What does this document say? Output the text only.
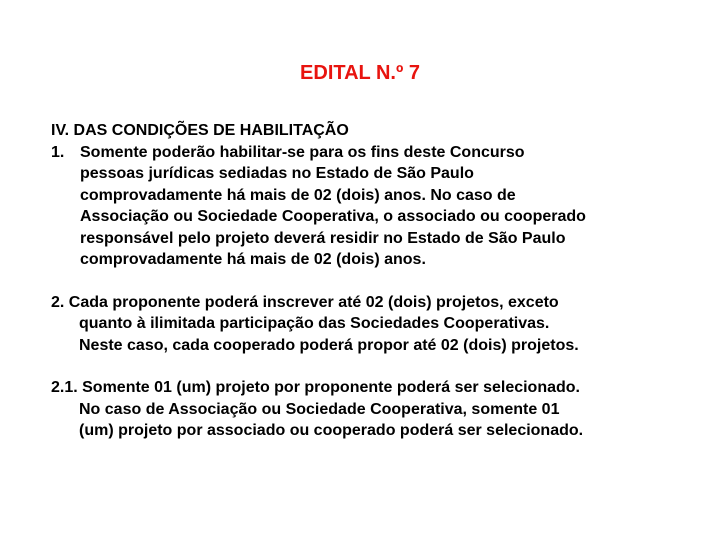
EDITAL N.º 7
IV. DAS CONDIÇÕES DE HABILITAÇÃO
1. Somente poderão habilitar-se para os fins deste Concurso
pessoas jurídicas sediadas no Estado de São Paulo
comprovadamente há mais de 02 (dois) anos. No caso de
Associação ou Sociedade Cooperativa, o associado ou cooperado
responsável pelo projeto deverá residir no Estado de São Paulo
comprovadamente há mais de 02 (dois) anos.
2. Cada proponente poderá inscrever até 02 (dois) projetos, exceto
quanto à ilimitada participação das Sociedades Cooperativas.
Neste caso, cada cooperado poderá propor até 02 (dois) projetos.
2.1. Somente 01 (um) projeto por proponente poderá ser selecionado.
No caso de Associação ou Sociedade Cooperativa, somente 01
(um) projeto por associado ou cooperado poderá ser selecionado.
